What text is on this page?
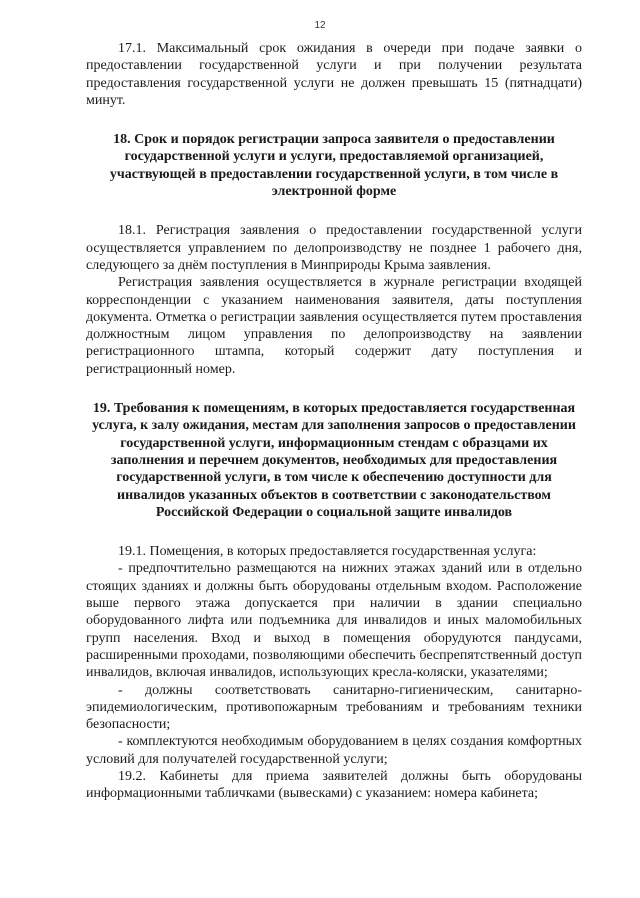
12

17.1. Максимальный срок ожидания в очереди при подаче заявки о предоставлении государственной услуги и при получении результата предоставления государственной услуги не должен превышать 15 (пятнадцати) минут.

18. Срок и порядок регистрации запроса заявителя о предоставлении государственной услуги и услуги, предоставляемой организацией, участвующей в предоставлении государственной услуги, в том числе в электронной форме

18.1. Регистрация заявления о предоставлении государственной услуги осуществляется управлением по делопроизводству не позднее 1 рабочего дня, следующего за днём поступления в Минприроды Крыма заявления.

Регистрация заявления осуществляется в журнале регистрации входящей корреспонденции с указанием наименования заявителя, даты поступления документа. Отметка о регистрации заявления осуществляется путем проставления должностным лицом управления по делопроизводству на заявлении регистрационного штампа, который содержит дату поступления и регистрационный номер.

19. Требования к помещениям, в которых предоставляется государственная услуга, к залу ожидания, местам для заполнения запросов о предоставлении государственной услуги, информационным стендам с образцами их заполнения и перечнем документов, необходимых для предоставления государственной услуги, в том числе к обеспечению доступности для инвалидов указанных объектов в соответствии с законодательством Российской Федерации о социальной защите инвалидов

19.1. Помещения, в которых предоставляется государственная услуга:

- предпочтительно размещаются на нижних этажах зданий или в отдельно стоящих зданиях и должны быть оборудованы отдельным входом. Расположение выше первого этажа допускается при наличии в здании специально оборудованного лифта или подъемника для инвалидов и иных маломобильных групп населения. Вход и выход в помещения оборудуются пандусами, расширенными проходами, позволяющими обеспечить беспрепятственный доступ инвалидов, включая инвалидов, использующих кресла-коляски, указателями;

- должны соответствовать санитарно-гигиеническим, санитарно-эпидемиологическим, противопожарным требованиям и требованиям техники безопасности;

- комплектуются необходимым оборудованием в целях создания комфортных условий для получателей государственной услуги;

19.2. Кабинеты для приема заявителей должны быть оборудованы информационными табличками (вывесками) с указанием: номера кабинета;
